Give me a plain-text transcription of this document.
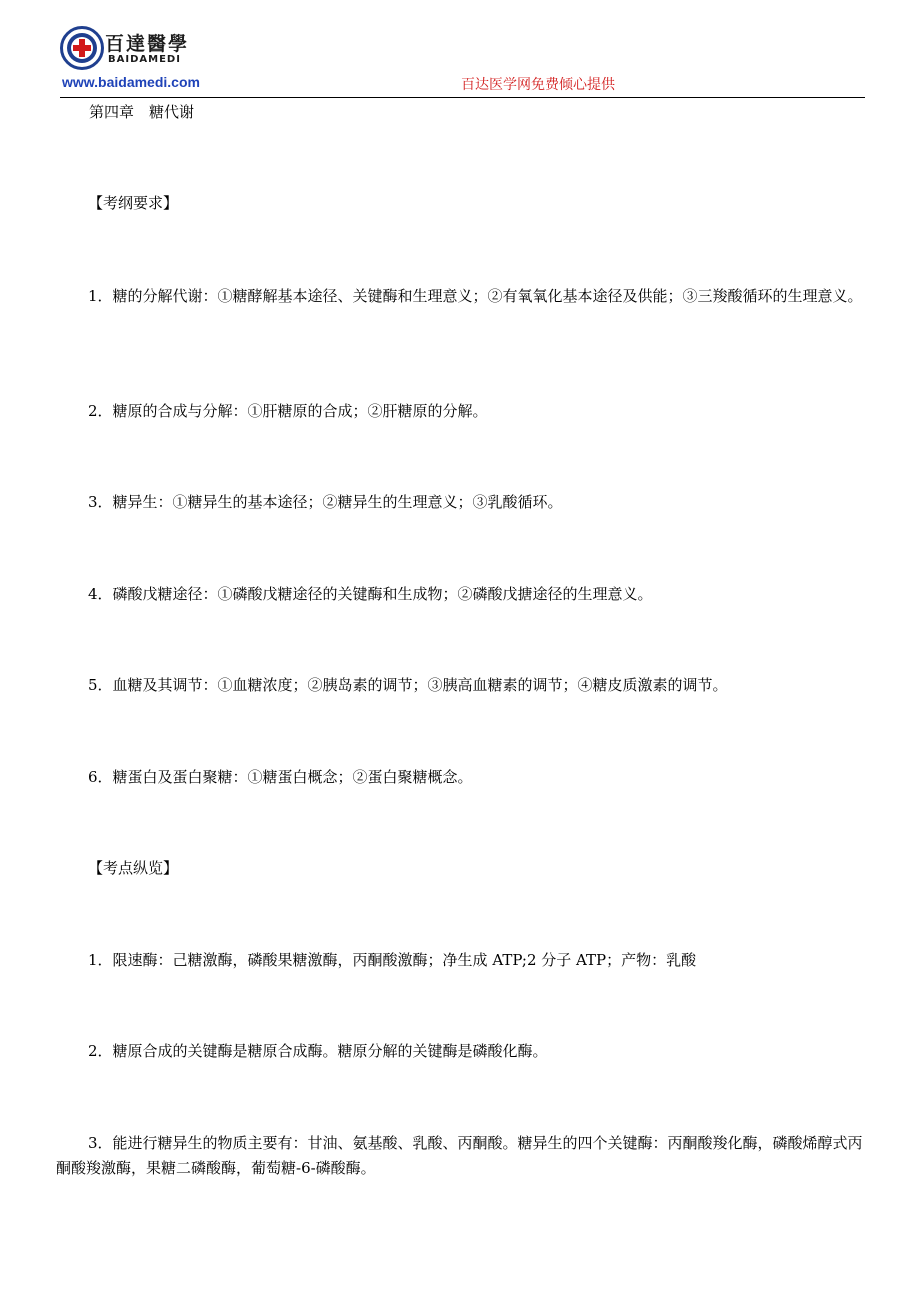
百達醫學
BAIDAMEDI
www.baidamedi.com	百达医学网免费倾心提供
第四章　糖代谢
【考纲要求】
1．糖的分解代谢：①糖酵解基本途径、关键酶和生理意义；②有氧氧化基本途径及供能；③三羧酸循环的生理意义。
2．糖原的合成与分解：①肝糖原的合成；②肝糖原的分解。
3．糖异生：①糖异生的基本途径；②糖异生的生理意义；③乳酸循环。
4．磷酸戊糖途径：①磷酸戊糖途径的关键酶和生成物；②磷酸戊搪途径的生理意义。
5．血糖及其调节：①血糖浓度；②胰岛素的调节；③胰高血糖素的调节；④糖皮质激素的调节。
6．糖蛋白及蛋白聚糖：①糖蛋白概念；②蛋白聚糖概念。
【考点纵览】
1．限速酶：己糖激酶，磷酸果糖激酶，丙酮酸激酶；净生成 ATP;2 分子 ATP；产物：乳酸
2．糖原合成的关键酶是糖原合成酶。糖原分解的关键酶是磷酸化酶。
3．能进行糖异生的物质主要有：甘油、氨基酸、乳酸、丙酮酸。糖异生的四个关键酶：丙酮酸羧化酶，磷酸烯醇式丙酮酸羧激酶，果糖二磷酸酶，葡萄糖-6-磷酸酶。
